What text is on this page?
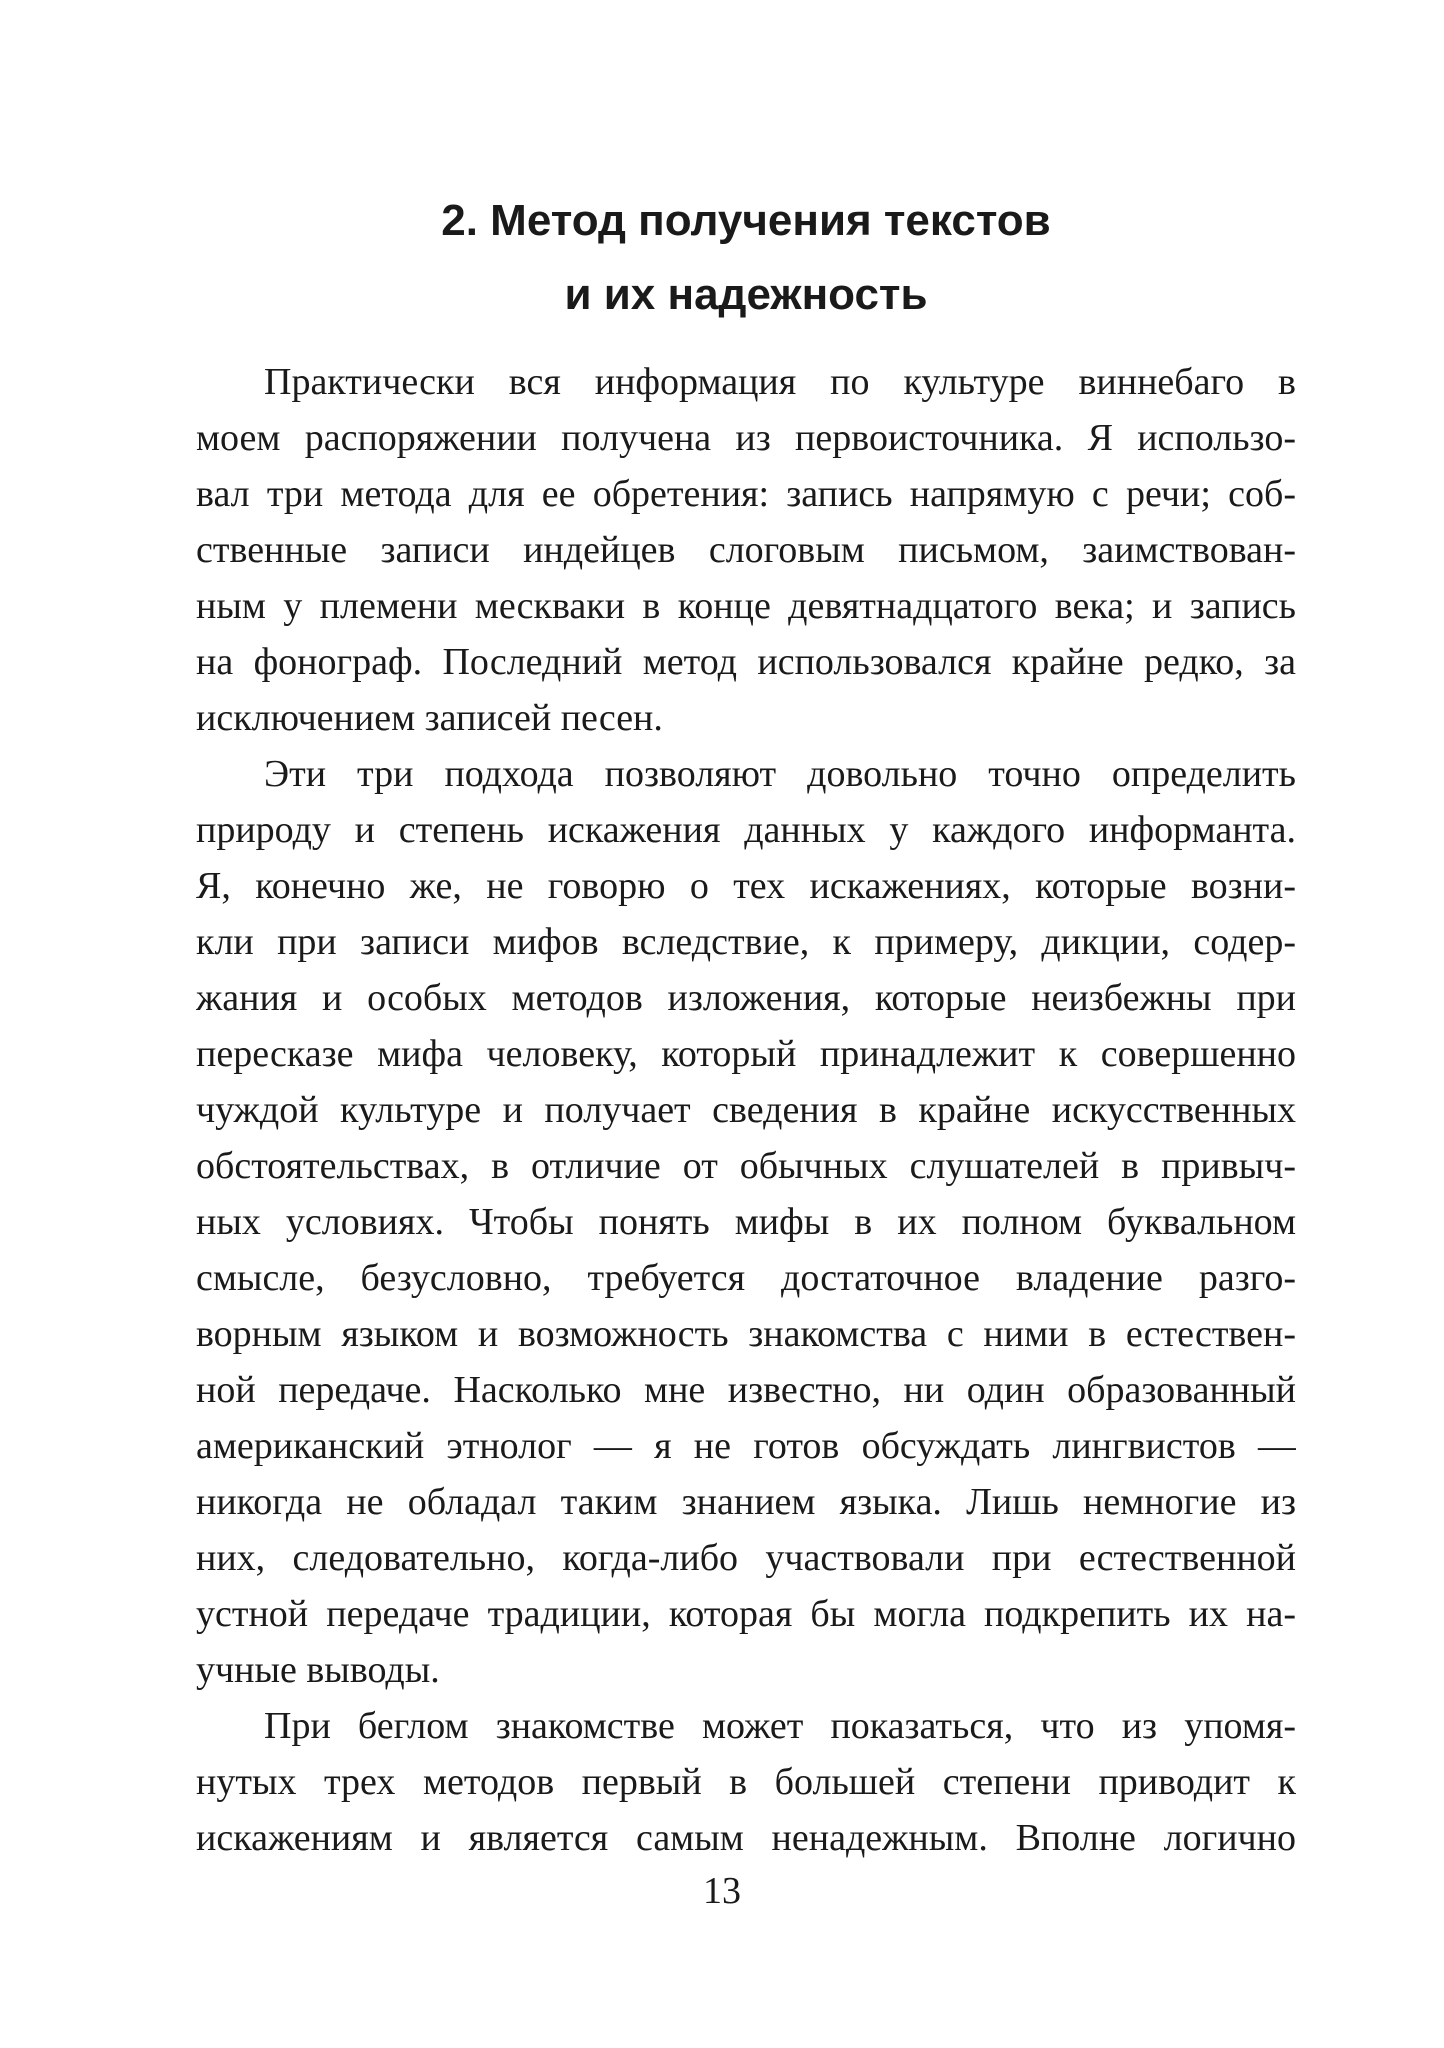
2. Метод получения текстов
и их надежность
Практически вся информация по культуре виннебаго в
моем распоряжении получена из первоисточника. Я использо-
вал три метода для ее обретения: запись напрямую с речи; соб-
ственные записи индейцев слоговым письмом, заимствован-
ным у племени мескваки в конце девятнадцатого века; и запись
на фонограф. Последний метод использовался крайне редко, за
исключением записей песен.
Эти три подхода позволяют довольно точно определить
природу и степень искажения данных у каждого информанта.
Я, конечно же, не говорю о тех искажениях, которые возни-
кли при записи мифов вследствие, к примеру, дикции, содер-
жания и особых методов изложения, которые неизбежны при
пересказе мифа человеку, который принадлежит к совершенно
чуждой культуре и получает сведения в крайне искусственных
обстоятельствах, в отличие от обычных слушателей в привыч-
ных условиях. Чтобы понять мифы в их полном буквальном
смысле, безусловно, требуется достаточное владение разго-
ворным языком и возможность знакомства с ними в естествен-
ной передаче. Насколько мне известно, ни один образованный
американский этнолог — я не готов обсуждать лингвистов —
никогда не обладал таким знанием языка. Лишь немногие из
них, следовательно, когда-либо участвовали при естественной
устной передаче традиции, которая бы могла подкрепить их на-
учные выводы.
При беглом знакомстве может показаться, что из упомя-
нутых трех методов первый в большей степени приводит к
искажениям и является самым ненадежным. Вполне логично
13
